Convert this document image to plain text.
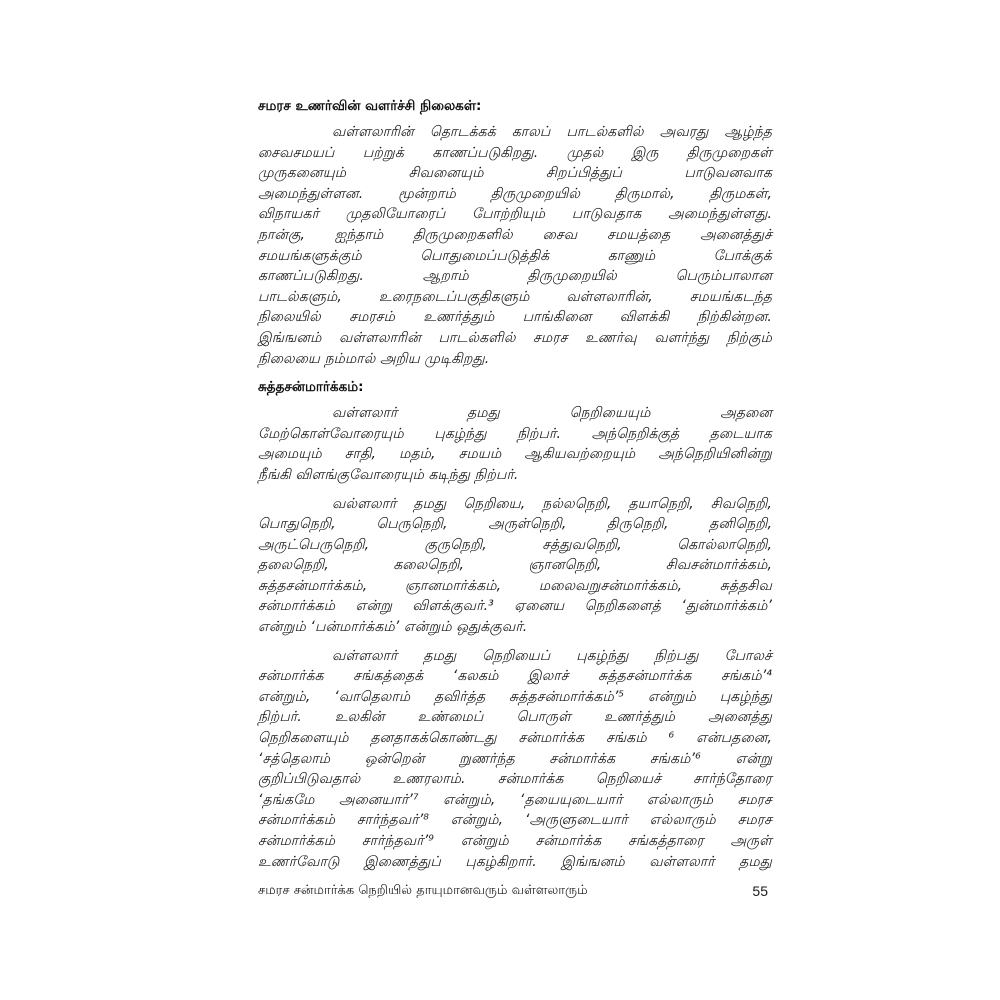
சமரச உணர்வின் வளர்ச்சி நிலைகள்:
வள்ளலாரின் தொடக்கக் காலப் பாடல்களில் அவரது ஆழ்ந்த
சைவசமயப் பற்றுக் காணப்படுகிறது. முதல் இரு திருமுறைகள்
முருகனையும் சிவனையும் சிறப்பித்துப் பாடுவனவாக
அமைந்துள்ளன. மூன்றாம் திருமுறையில் திருமால், திருமகள்,
விநாயகர் முதலியோரைப் போற்றியும் பாடுவதாக அமைந்துள்ளது.
நான்கு, ஐந்தாம் திருமுறைகளில் சைவ சமயத்தை அனைத்துச்
சமயங்களுக்கும் பொதுமைப்படுத்திக் காணும் போக்குக்
காணப்படுகிறது. ஆறாம் திருமுறையில் பெரும்பாலான
பாடல்களும், உரைநடைப்பகுதிகளும் வள்ளலாரின், சமயங்கடந்த
நிலையில் சமரசம் உணர்த்தும் பாங்கினை விளக்கி நிற்கின்றன.
இங்ஙனம் வள்ளலாரின் பாடல்களில் சமரச உணர்வு வளர்ந்து நிற்கும்
நிலையை நம்மால் அறிய முடிகிறது.
சுத்தசன்மார்க்கம்:
வள்ளலார் தமது நெறியையும் அதனை
மேற்கொள்வோரையும் புகழ்ந்து நிற்பர். அந்நெறிக்குத் தடையாக
அமையும் சாதி, மதம், சமயம் ஆகியவற்றையும் அந்நெறியினின்று
நீங்கி விளங்குவோரையும் கடிந்து நிற்பர்.
வல்ளலார் தமது நெறியை, நல்லநெறி, தயாநெறி, சிவநெறி,
பொதுநெறி, பெருநெறி, அருள்நெறி, திருநெறி, தனிநெறி,
அருட்பெருநெறி, குருநெறி, சத்துவநெறி, கொல்லாநெறி,
தலைநெறி, கலைநெறி, ஞானநெறி, சிவசன்மார்க்கம்,
சுத்தசன்மார்க்கம், ஞானமார்க்கம், மலைவறுசன்மார்க்கம், சுத்தசிவ
சன்மார்க்கம் என்று விளக்குவர்.³ ஏனைய நெறிகளைத் ‘துன்மார்க்கம்’
என்றும் ‘பன்மார்க்கம்’ என்றும் ஒதுக்குவர்.
வள்ளலார் தமது நெறியைப் புகழ்ந்து நிற்பது போலச்
சன்மார்க்க சங்கத்தைக் ‘கலகம் இலாச் சுத்தசன்மார்க்க சங்கம்’⁴
என்றும், ‘வாதெலாம் தவிர்த்த சுத்தசன்மார்க்கம்’⁵ என்றும் புகழ்ந்து
நிற்பர். உலகின் உண்மைப் பொருள் உணர்த்தும் அனைத்து
நெறிகளையும் தனதாகக்கொண்டது சன்மார்க்க சங்கம் ⁶ என்பதனை,
‘சத்தெலாம் ஒன்றென் றுணர்ந்த சன்மார்க்க சங்கம்’⁶ என்று
குறிப்பிடுவதால் உணரலாம். சன்மார்க்க நெறியைச் சார்ந்தோரை
‘தங்கமே அனையார்’⁷ என்றும், ‘தயையுடையார் எல்லாரும் சமரச
சன்மார்க்கம் சார்ந்தவர்’⁸ என்றும், ‘அருளுடையார் எல்லாரும் சமரச
சன்மார்க்கம் சார்ந்தவர்’⁹ என்றும் சன்மார்க்க சங்கத்தாரை அருள்
உணர்வோடு இணைத்துப் புகழ்கிறார். இங்ஙனம் வள்ளலார் தமது
சமரச சன்மார்க்க நெறியில் தாயுமானவரும் வள்ளலாரும்	55
